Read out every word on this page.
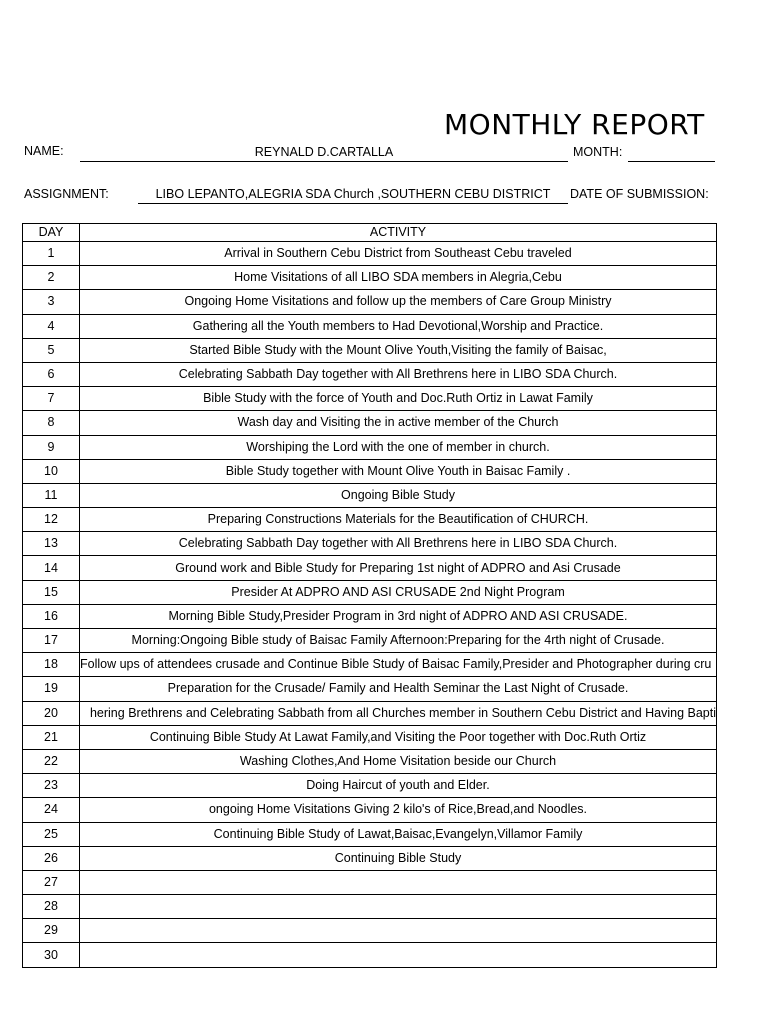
MONTHLY REPORT
NAME:	REYNALD D.CARTALLA	MONTH:
ASSIGNMENT:	LIBO LEPANTO,ALEGRIA SDA Church ,SOUTHERN CEBU DISTRICT	DATE OF SUBMISSION:
DAY	ACTIVITY
1	Arrival in Southern Cebu District from Southeast Cebu traveled

2	Home Visitations of all LIBO SDA members in Alegria,Cebu

3	Ongoing Home Visitations and follow up the members of Care Group Ministry

4	Gathering all the Youth members to Had Devotional,Worship and Practice.

5	Started Bible Study with the Mount Olive Youth,Visiting the family of Baisac,

6	Celebrating Sabbath Day together with All Brethrens here in LIBO SDA Church.

7	Bible Study with the force of Youth and Doc.Ruth Ortiz in Lawat Family

8	Wash day and Visiting the in active member of the Church

9	Worshiping the Lord with the one of member in church.

10	Bible Study together with Mount Olive Youth in Baisac Family .

11	Ongoing Bible Study

12	Preparing Constructions Materials for the Beautification of CHURCH.

13	Celebrating Sabbath Day together with All Brethrens here in LIBO SDA Church.

14	Ground work and Bible Study for Preparing 1st night of ADPRO and Asi Crusade

15	Presider At ADPRO AND ASI CRUSADE 2nd Night Program

16	Morning Bible Study,Presider Program in 3rd night of ADPRO AND ASI CRUSADE.

17	Morning:Ongoing Bible study of Baisac Family Afternoon:Preparing for the 4rth night of Crusade.

18	Follow ups of attendees crusade and Continue Bible Study of Baisac Family,Presider and Photographer during cru

19	Preparation for the Crusade/ Family and Health Seminar the Last Night of Crusade.

20	hering Brethrens and Celebrating Sabbath from all Churches member in Southern Cebu District and Having Bapti

21	Continuing Bible Study At Lawat Family,and Visiting the Poor together with Doc.Ruth Ortiz

22	Washing Clothes,And Home Visitation beside our Church

23	Doing Haircut of youth and Elder.

24	ongoing Home Visitations Giving 2 kilo's of Rice,Bread,and Noodles.

25	Continuing Bible Study of Lawat,Baisac,Evangelyn,Villamor Family

26	Continuing Bible Study

27	

28	

29	

30	
